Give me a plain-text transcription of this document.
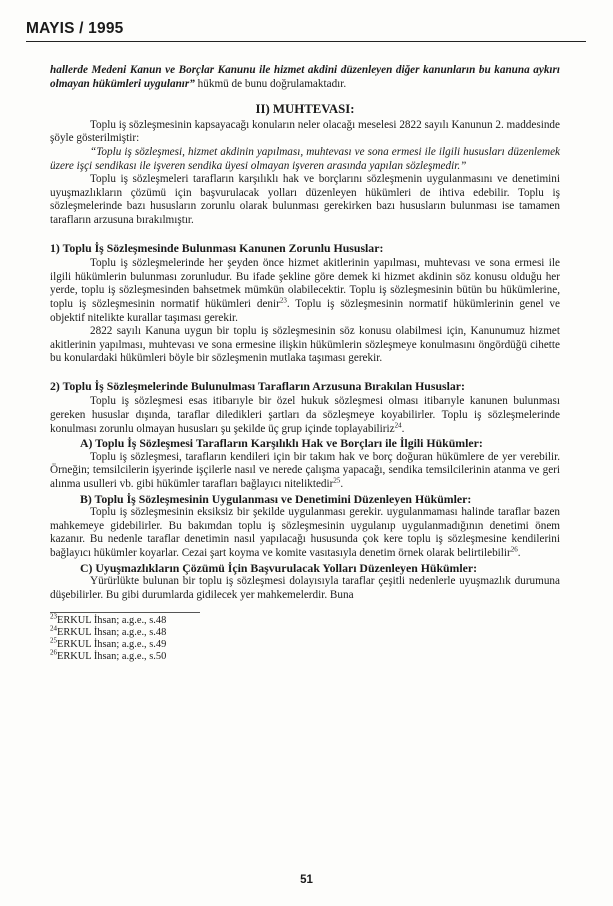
MAYIS / 1995

hallerde Medeni Kanun ve Borçlar Kanunu ile hizmet akdini düzenleyen diğer kanunların bu kanuna aykırı olmayan hükümleri uygulanır” hükmü de bunu doğrulamaktadır.

II) MUHTEVASI:

Toplu iş sözleşmesinin kapsayacağı konuların neler olacağı meselesi 2822 sayılı Kanunun 2. maddesinde şöyle gösterilmiştir:

“Toplu iş sözleşmesi, hizmet akdinin yapılması, muhtevası ve sona ermesi ile ilgili hususları düzenlemek üzere işçi sendikası ile işveren sendika üyesi olmayan işveren arasında yapılan sözleşmedir.”

Toplu iş sözleşmeleri tarafların karşılıklı hak ve borçlarını sözleşmenin uygulanmasını ve denetimini uyuşmazlıkların çözümü için başvurulacak yolları düzenleyen hükümleri de ihtiva edebilir. Toplu iş sözleşmelerinde bazı hususların zorunlu olarak bulunması gerekirken bazı hususların bulunması ise tamamen tarafların arzusuna bırakılmıştır.

1) Toplu İş Sözleşmesinde Bulunması Kanunen Zorunlu Hususlar:

Toplu iş sözleşmelerinde her şeyden önce hizmet akitlerinin yapılması, muhtevası ve sona ermesi ile ilgili hükümlerin bulunması zorunludur. Bu ifade şekline göre demek ki hizmet akdinin söz konusu olduğu her yerde, toplu iş sözleşmesinden bahsetmek mümkün olabilecektir. Toplu iş sözleşmesinin bütün bu hükümlerine, toplu iş sözleşmesinin normatif hükümleri denir$^{23}$. Toplu iş sözleşmesinin normatif hükümlerinin genel ve objektif nitelikte kurallar taşıması gerekir.

2822 sayılı Kanuna uygun bir toplu iş sözleşmesinin söz konusu olabilmesi için, Kanunumuz hizmet akitlerinin yapılması, muhtevası ve sona ermesine ilişkin hükümlerin sözleşmeye konulmasını öngördüğü cihette bu konulardaki hükümleri böyle bir sözleşmenin mutlaka taşıması gerekir.

2) Toplu İş Sözleşmelerinde Bulunulması Tarafların Arzusuna Bırakılan Hususlar:

Toplu iş sözleşmesi esas itibarıyle bir özel hukuk sözleşmesi olması itibarıyle kanunen bulunması gereken hususlar dışında, taraflar diledikleri şartları da sözleşmeye koyabilirler. Toplu iş sözleşmelerinde konulması zorunlu olmayan hususları şu şekilde üç grup içinde toplayabiliriz$^{24}$.

A) Toplu İş Sözleşmesi Tarafların Karşılıklı Hak ve Borçları ile İlgili Hükümler:

Toplu iş sözleşmesi, tarafların kendileri için bir takım hak ve borç doğuran hükümlere de yer verebilir. Örneğin; temsilcilerin işyerinde işçilerle nasıl ve nerede çalışma yapacağı, sendika temsilcilerinin atanma ve geri alınma usulleri vb. gibi hükümler tarafları bağlayıcı niteliktedir$^{25}$.

B) Toplu İş Sözleşmesinin Uygulanması ve Denetimini Düzenleyen Hükümler:

Toplu iş sözleşmesinin eksiksiz bir şekilde uygulanması gerekir. uygulanmaması halinde taraflar bazen mahkemeye gidebilirler. Bu bakımdan toplu iş sözleşmesinin uygulanıp uygulanmadığının denetimi önem kazanır. Bu nedenle taraflar denetimin nasıl yapılacağı hususunda çok kere toplu iş sözleşmesine kendilerini bağlayıcı hükümler koyarlar. Cezai şart koyma ve komite vasıtasıyla denetim örnek olarak belirtilebilir$^{26}$.

C) Uyuşmazlıkların Çözümü İçin Başvurulacak Yolları Düzenleyen Hükümler:

Yürürlükte bulunan bir toplu iş sözleşmesi dolayısıyla taraflar çeşitli nedenlerle uyuşmazlık durumuna düşebilirler. Bu gibi durumlarda gidilecek yer mahkemelerdir. Buna

$^{23}$ERKUL İhsan; a.g.e., s.48
$^{24}$ERKUL İhsan; a.g.e., s.48
$^{25}$ERKUL İhsan; a.g.e., s.49
$^{26}$ERKUL İhsan; a.g.e., s.50
51
